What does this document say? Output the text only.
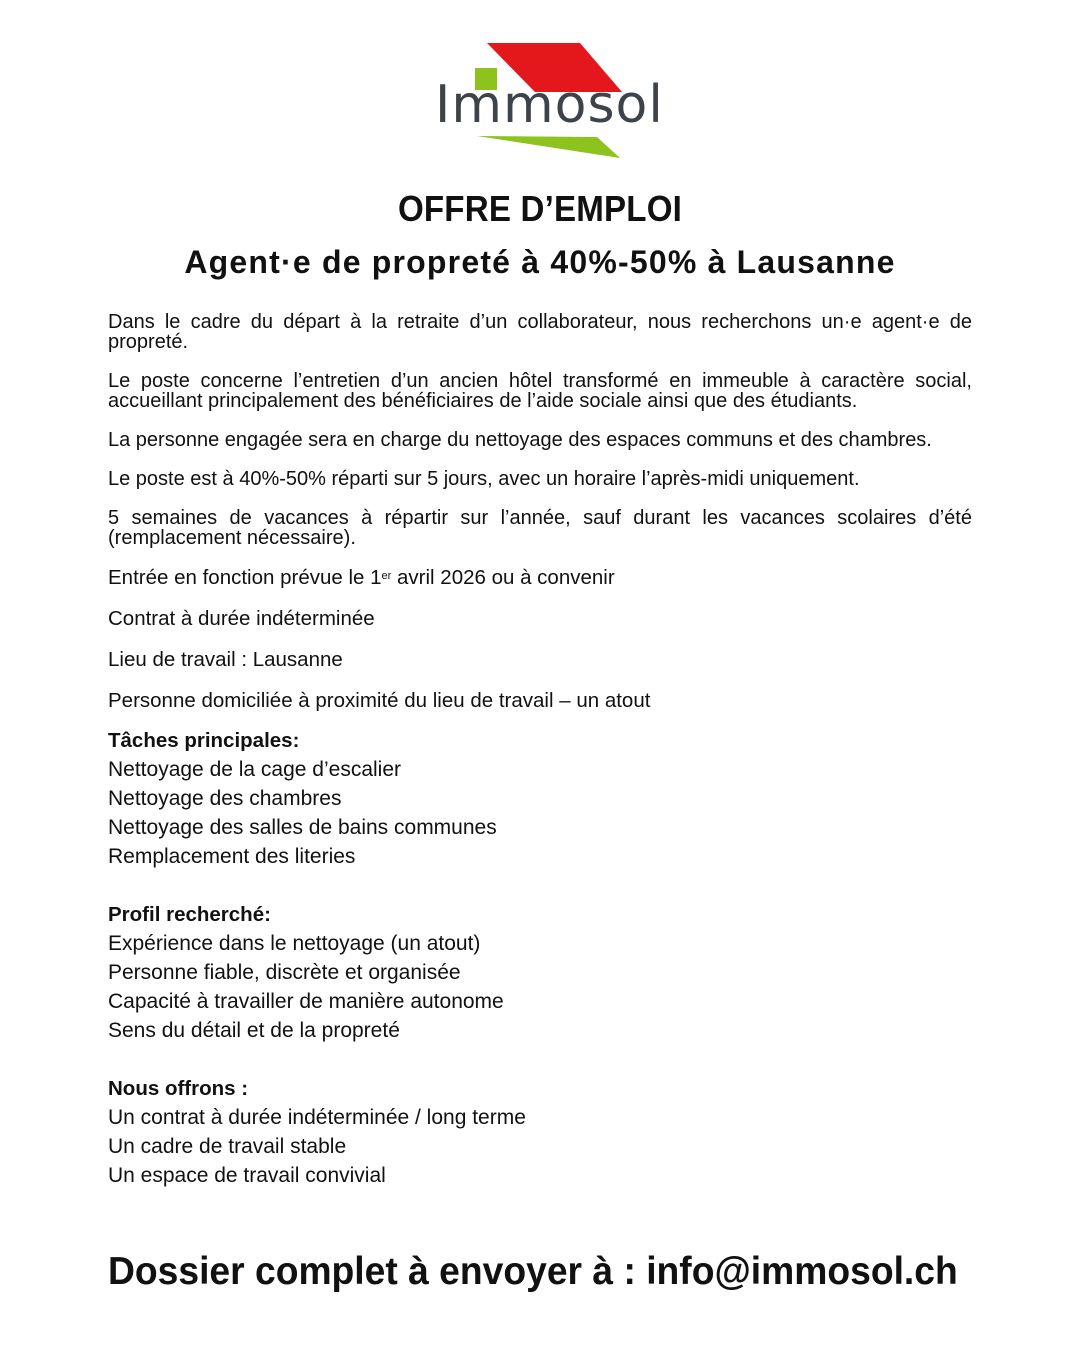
Immosol
OFFRE D’EMPLOI
Agent·e de propreté à 40%-50% à Lausanne

Dans le cadre du départ à la retraite d’un collaborateur, nous recherchons un·e agent·e de propreté.

Le poste concerne l’entretien d’un ancien hôtel transformé en immeuble à caractère social, accueillant principalement des bénéficiaires de l’aide sociale ainsi que des étudiants.

La personne engagée sera en charge du nettoyage des espaces communs et des chambres.

Le poste est à 40%-50% réparti sur 5 jours, avec un horaire l’après-midi uniquement.

5 semaines de vacances à répartir sur l’année, sauf durant les vacances scolaires d’été (remplacement nécessaire).

Entrée en fonction prévue le 1er avril 2026 ou à convenir

Contrat à durée indéterminée

Lieu de travail : Lausanne

Personne domiciliée à proximité du lieu de travail – un atout

Tâches principales:

Nettoyage de la cage d’escalier
Nettoyage des chambres
Nettoyage des salles de bains communes
Remplacement des literies

Profil recherché:

Expérience dans le nettoyage (un atout)
Personne fiable, discrète et organisée
Capacité à travailler de manière autonome
Sens du détail et de la propreté

Nous offrons :

Un contrat à durée indéterminée / long terme
Un cadre de travail stable
Un espace de travail convivial

Dossier complet à envoyer à : info@immosol.ch
